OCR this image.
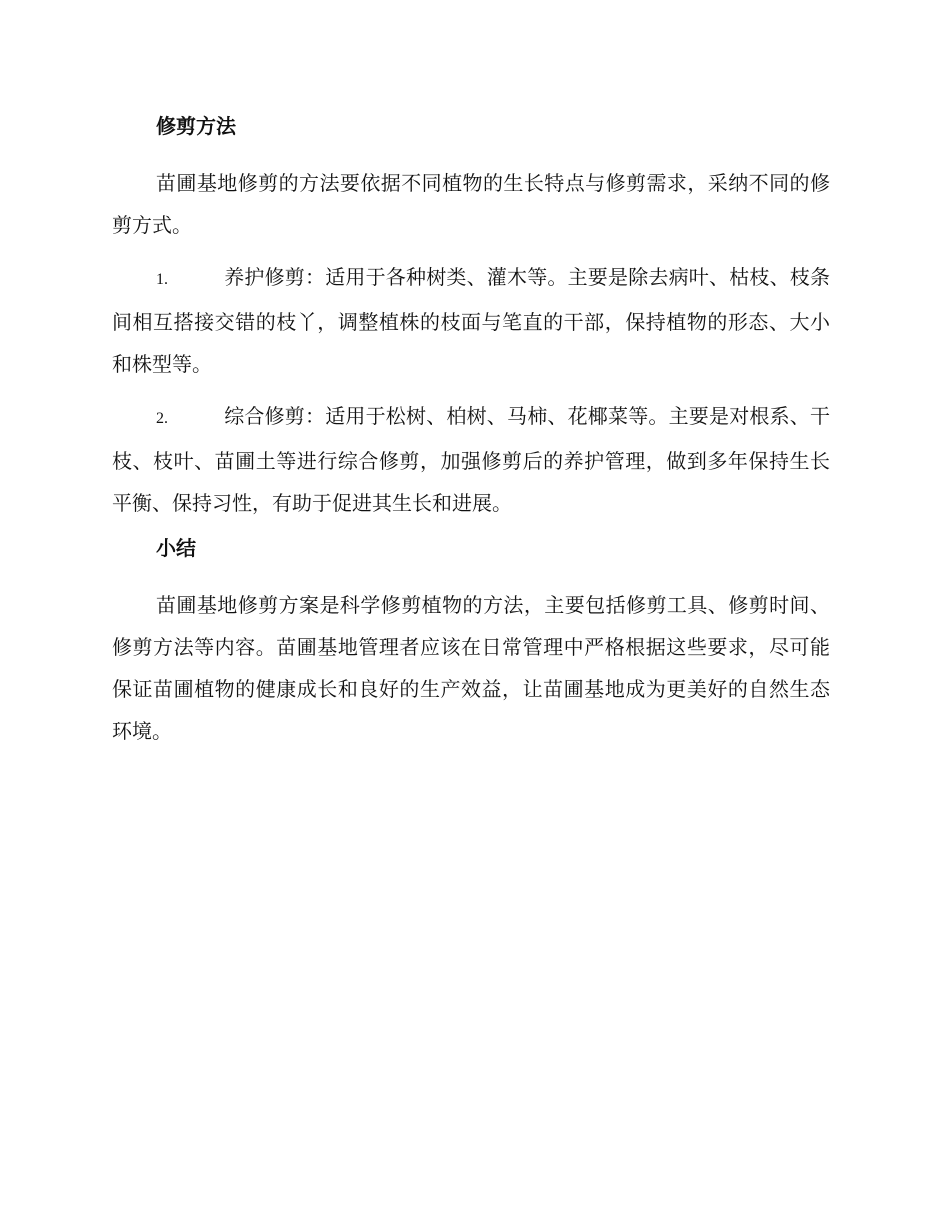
修剪方法

苗圃基地修剪的方法要依据不同植物的生长特点与修剪需求，采纳不同的修剪方式。

1.	养护修剪：适用于各种树类、灌木等。主要是除去病叶、枯枝、枝条间相互搭接交错的枝丫，调整植株的枝面与笔直的干部，保持植物的形态、大小和株型等。

2.	综合修剪：适用于松树、柏树、马柿、花椰菜等。主要是对根系、干枝、枝叶、苗圃土等进行综合修剪，加强修剪后的养护管理，做到多年保持生长平衡、保持习性，有助于促进其生长和进展。

小结

苗圃基地修剪方案是科学修剪植物的方法，主要包括修剪工具、修剪时间、修剪方法等内容。苗圃基地管理者应该在日常管理中严格根据这些要求，尽可能保证苗圃植物的健康成长和良好的生产效益，让苗圃基地成为更美好的自然生态环境。
